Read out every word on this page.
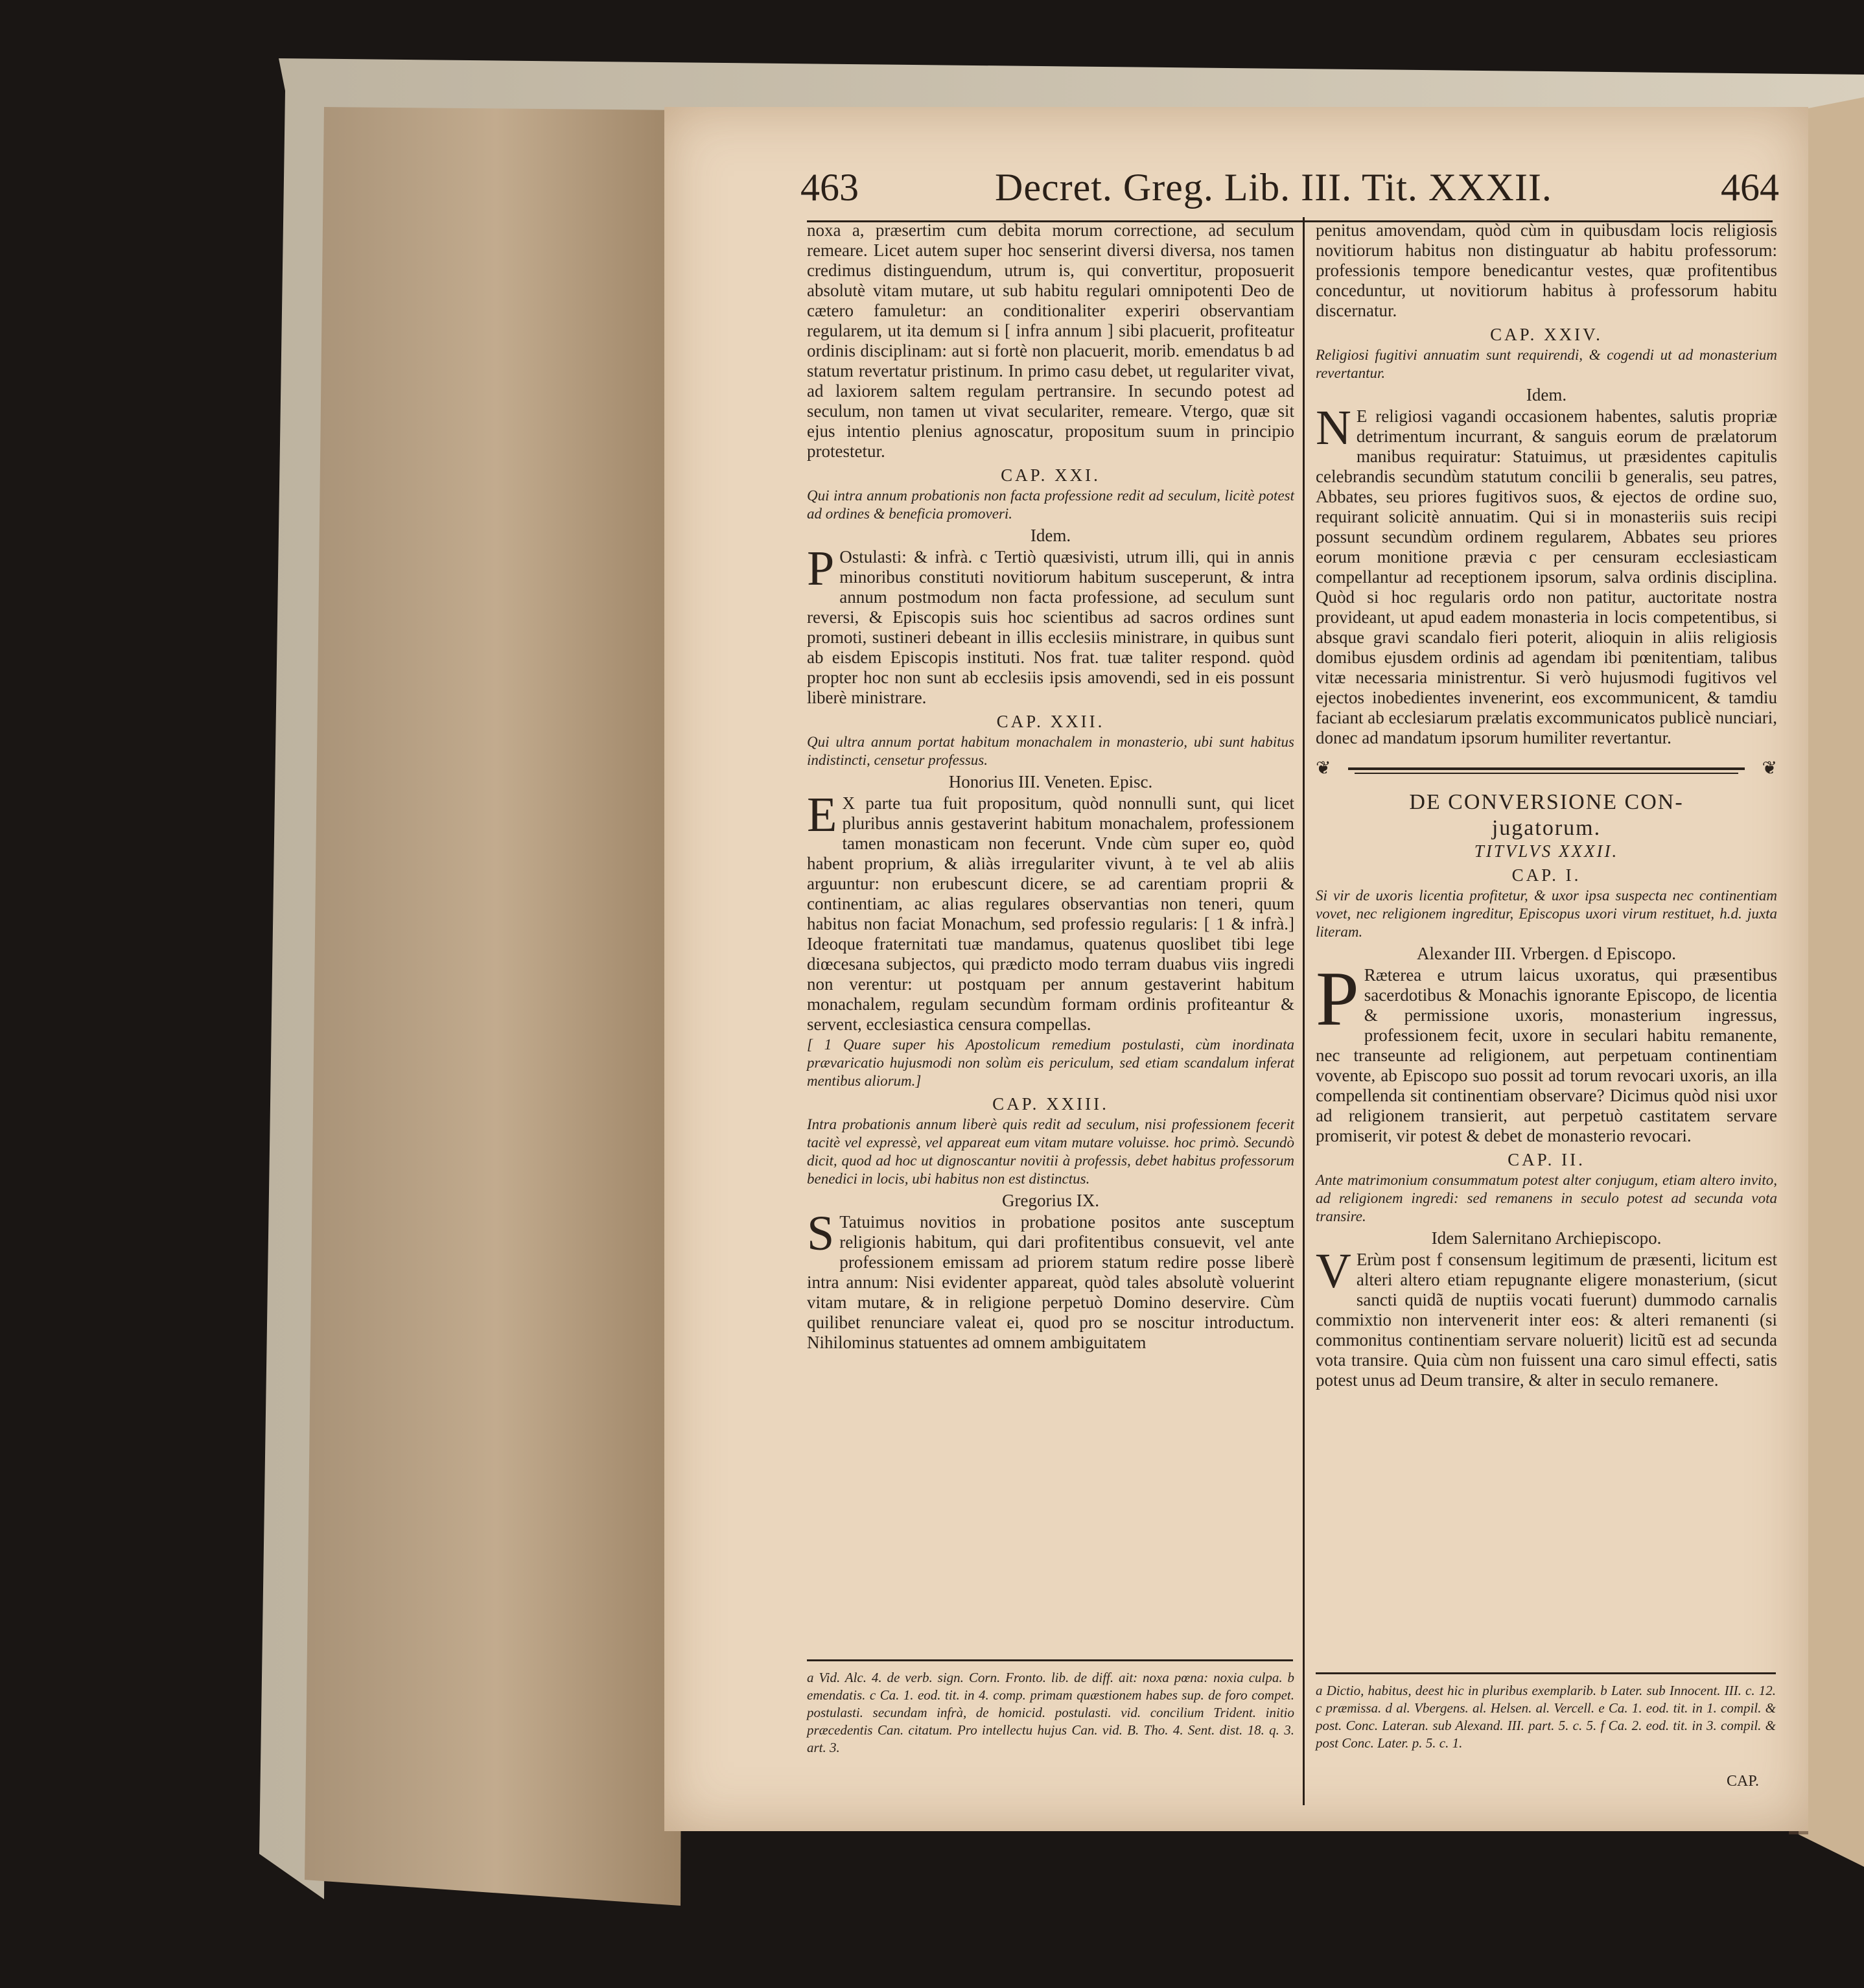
463	Decret. Greg. Lib. III. Tit. XXXII.	464

noxa a, præsertim cum debita morum correctione, ad seculum remeare. Licet autem super hoc senserint diversi diversa, nos tamen credimus distinguendum, utrum is, qui convertitur, proposuerit absolutè vitam mutare, ut sub habitu regulari omnipotenti Deo de cætero famuletur: an conditionaliter experiri observantiam regularem, ut ita demum si [ infra annum ] sibi placuerit, profiteatur ordinis disciplinam: aut si fortè non placuerit, morib. emendatus b ad statum revertatur pristinum. In primo casu debet, ut regulariter vivat, ad laxiorem saltem regulam pertransire. In secundo potest ad seculum, non tamen ut vivat seculariter, remeare. Vtergo, quæ sit ejus intentio plenius agnoscatur, propositum suum in principio protestetur.

CAP. XXI.
Qui intra annum probationis non facta professione redit ad seculum, licitè potest ad ordines & beneficia promoveri.
Idem.

P Ostulasti: & infrà. c Tertiò quæsivisti, utrum illi, qui in annis minoribus constituti novitiorum habitum susceperunt, & intra annum postmodum non facta professione, ad seculum sunt reversi, & Episcopis suis hoc scientibus ad sacros ordines sunt promoti, sustineri debeant in illis ecclesiis ministrare, in quibus sunt ab eisdem Episcopis instituti. Nos frat. tuæ taliter respond. quòd propter hoc non sunt ab ecclesiis ipsis amovendi, sed in eis possunt liberè ministrare.

CAP. XXII.
Qui ultra annum portat habitum monachalem in monasterio, ubi sunt habitus indistincti, censetur professus.
Honorius III. Veneten. Episc.

E X parte tua fuit propositum, quòd nonnulli sunt, qui licet pluribus annis gestaverint habitum monachalem, professionem tamen monasticam non fecerunt. Vnde cùm super eo, quòd habent proprium, & aliàs irregulariter vivunt, à te vel ab aliis arguuntur: non erubescunt dicere, se ad carentiam proprii & continentiam, ac alias regulares observantias non teneri, quum habitus non faciat Monachum, sed professio regularis: [ 1 & infrà.] Ideoque fraternitati tuæ mandamus, quatenus quoslibet tibi lege diœcesana subjectos, qui prædicto modo terram duabus viis ingredi non verentur: ut postquam per annum gestaverint habitum monachalem, regulam secundùm formam ordinis profiteantur & servent, ecclesiastica censura compellas.

[ 1 Quare super his Apostolicum remedium postulasti, cùm inordinata prævaricatio hujusmodi non solùm eis periculum, sed etiam scandalum inferat mentibus aliorum.]
CAP. XXIII.
Intra probationis annum liberè quis redit ad seculum, nisi professionem fecerit tacitè vel expressè, vel appareat eum vitam mutare voluisse. hoc primò. Secundò dicit, quod ad hoc ut dignoscantur novitii à professis, debet habitus professorum benedici in locis, ubi habitus non est distinctus.
Gregorius IX.

S Tatuimus novitios in probatione positos ante susceptum religionis habitum, qui dari profitentibus consuevit, vel ante professionem emissam ad priorem statum redire posse liberè intra annum: Nisi evidenter appareat, quòd tales absolutè voluerint vitam mutare, & in religione perpetuò Domino deservire. Cùm quilibet renunciare valeat ei, quod pro se noscitur introductum. Nihilominus statuentes ad omnem ambiguitatem

a Vid. Alc. 4. de verb. sign. Corn. Fronto. lib. de diff. ait: noxa pœna: noxia culpa. b emendatis. c Ca. 1. eod. tit. in 4. comp. primam quæstionem habes sup. de foro compet. postulasti. secundam infrà, de homicid. postulasti. vid. concilium Trident. initio præcedentis Can. citatum. Pro intellectu hujus Can. vid. B. Tho. 4. Sent. dist. 18. q. 3. art. 3.

penitus amovendam, quòd cùm in quibusdam locis religiosis novitiorum habitus non distinguatur ab habitu professorum: professionis tempore benedicantur vestes, quæ profitentibus conceduntur, ut novitiorum habitus à professorum habitu discernatur.

CAP. XXIV.
Religiosi fugitivi annuatim sunt requirendi, & cogendi ut ad monasterium revertantur.
Idem.

N E religiosi vagandi occasionem habentes, salutis propriæ detrimentum incurrant, & sanguis eorum de prælatorum manibus requiratur: Statuimus, ut præsidentes capitulis celebrandis secundùm statutum concilii b generalis, seu patres, Abbates, seu priores fugitivos suos, & ejectos de ordine suo, requirant solicitè annuatim. Qui si in monasteriis suis recipi possunt secundùm ordinem regularem, Abbates seu priores eorum monitione prævia c per censuram ecclesiasticam compellantur ad receptionem ipsorum, salva ordinis disciplina. Quòd si hoc regularis ordo non patitur, auctoritate nostra provideant, ut apud eadem monasteria in locis competentibus, si absque gravi scandalo fieri poterit, alioquin in aliis religiosis domibus ejusdem ordinis ad agendam ibi pœnitentiam, talibus vitæ necessaria ministrentur. Si verò hujusmodi fugitivos vel ejectos inobedientes invenerint, eos excommunicent, & tamdiu faciant ab ecclesiarum prælatis excommunicatos publicè nunciari, donec ad mandatum ipsorum humiliter revertantur.

❦	❦
DE CONVERSIONE CON-
jugatorum.
TITVLVS XXXII.
CAP. I.
Si vir de uxoris licentia profitetur, & uxor ipsa suspecta nec continentiam vovet, nec religionem ingreditur, Episcopus uxori virum restituet, h.d. juxta literam.
Alexander III. Vrbergen. d Episcopo.

P Ræterea e utrum laicus uxoratus, qui præsentibus sacerdotibus & Monachis ignorante Episcopo, de licentia & permissione uxoris, monasterium ingressus, professionem fecit, uxore in seculari habitu remanente, nec transeunte ad religionem, aut perpetuam continentiam vovente, ab Episcopo suo possit ad torum revocari uxoris, an illa compellenda sit continentiam observare? Dicimus quòd nisi uxor ad religionem transierit, aut perpetuò castitatem servare promiserit, vir potest & debet de monasterio revocari.

CAP. II.
Ante matrimonium consummatum potest alter conjugum, etiam altero invito, ad religionem ingredi: sed remanens in seculo potest ad secunda vota transire.
Idem Salernitano Archiepiscopo.

V Erùm post f consensum legitimum de præsenti, licitum est alteri altero etiam repugnante eligere monasterium, (sicut sancti quidã de nuptiis vocati fuerunt) dummodo carnalis commixtio non intervenerit inter eos: & alteri remanenti (si commonitus continentiam servare noluerit) licitũ est ad secunda vota transire. Quia cùm non fuissent una caro simul effecti, satis potest unus ad Deum transire, & alter in seculo remanere.

a Dictio, habitus, deest hic in pluribus exemplarib. b Later. sub Innocent. III. c. 12. c præmissa. d al. Vbergens. al. Helsen. al. Vercell. e Ca. 1. eod. tit. in 1. compil. & post. Conc. Lateran. sub Alexand. III. part. 5. c. 5. f Ca. 2. eod. tit. in 3. compil. & post Conc. Later. p. 5. c. 1.
CAP.
